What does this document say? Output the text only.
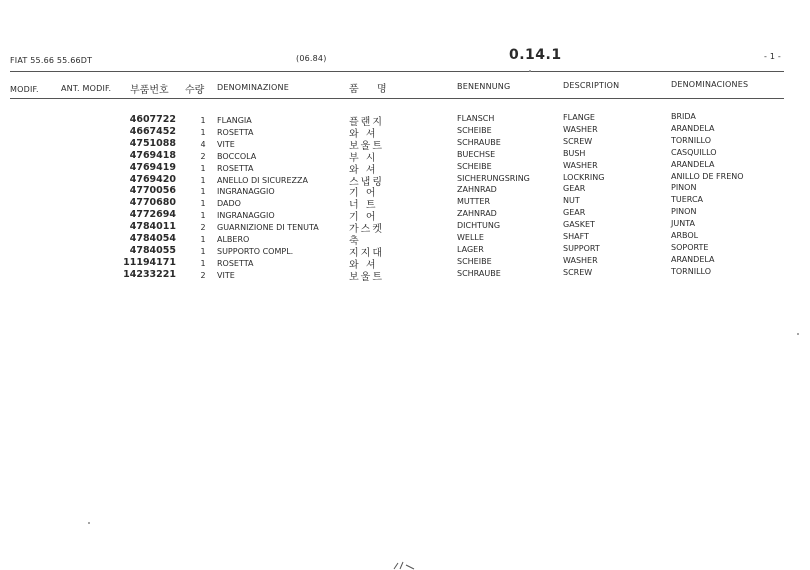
FIAT 55.66 55.66DT	(06.84)	0.14.1	- 1 -
MODIF.	ANT. MODIF. 부품번호 수량 DENOMINAZIONE	품  명	BENENNUNG	DESCRIPTION	DENOMINACIONES
4607722	1	FLANGIA	플랜지	FLANSCH	FLANGE	BRIDA
4667452	1	ROSETTA	와 셔	SCHEIBE	WASHER	ARANDELA
4751088	4	VITE	보울트	SCHRAUBE	SCREW	TORNILLO
4769418	2	BOCCOLA	부 시	BUECHSE	BUSH	CASQUILLO
4769419	1	ROSETTA	와 셔	SCHEIBE	WASHER	ARANDELA
4769420	1	ANELLO DI SICUREZZA	스냅링	SICHERUNGSRING	LOCKRING	ANILLO DE FRENO
4770056	1	INGRANAGGIO	기 어	ZAHNRAD	GEAR	PINON
4770680	1	DADO	너 트	MUTTER	NUT	TUERCA
4772694	1	INGRANAGGIO	기 어	ZAHNRAD	GEAR	PINON
4784011	2	GUARNIZIONE DI TENUTA	가스켓	DICHTUNG	GASKET	JUNTA
4784054	1	ALBERO	축	WELLE	SHAFT	ARBOL
4784055	1	SUPPORTO COMPL.	지지대	LAGER	SUPPORT	SOPORTE
11194171	1	ROSETTA	와 셔	SCHEIBE	WASHER	ARANDELA
14233221	2	VITE	보울트	SCHRAUBE	SCREW	TORNILLO
